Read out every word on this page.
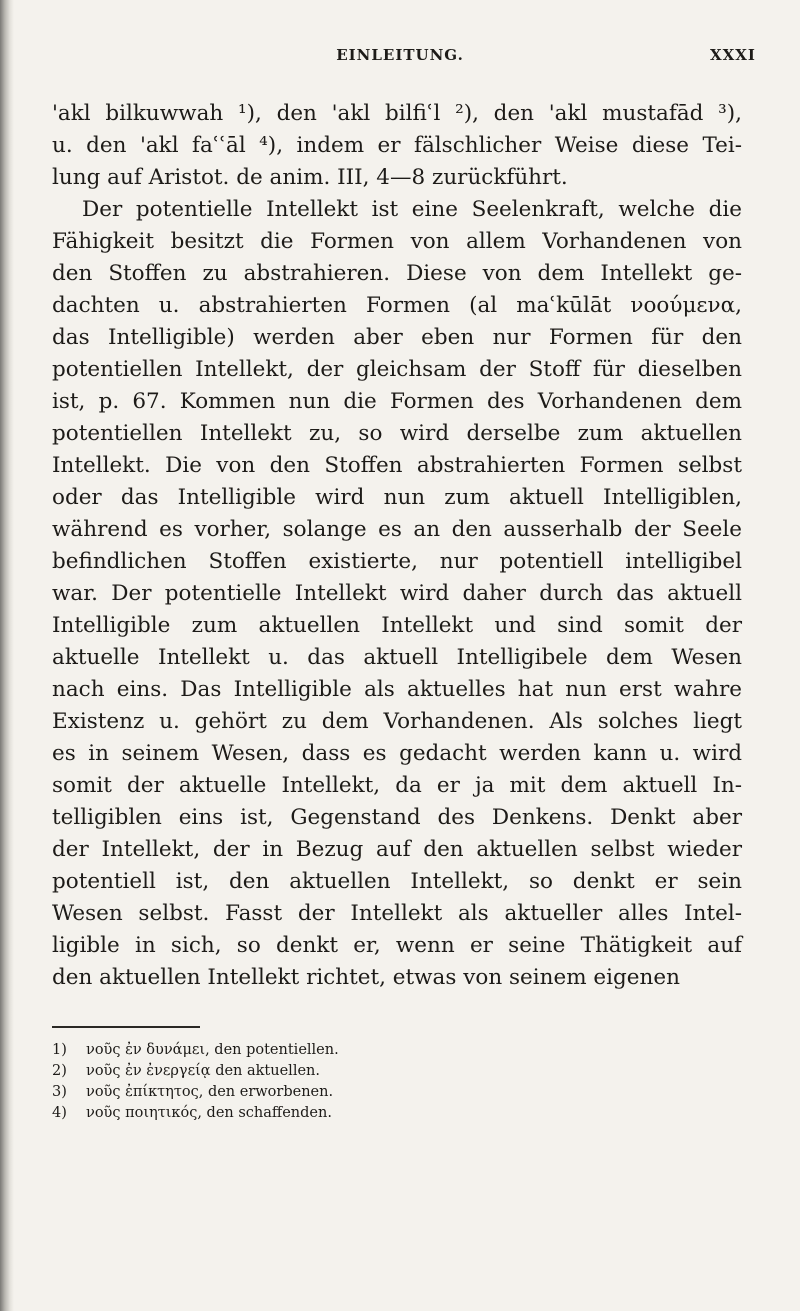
EINLEITUNG.	XXXI
'akl bilkuwwah ¹), den 'akl bilfiʿl ²), den 'akl mustafād ³),
u. den 'akl faʿʿāl ⁴), indem er fälschlicher Weise diese Tei-
lung auf Aristot. de anim. III, 4—8 zurückführt.
Der potentielle Intellekt ist eine Seelenkraft, welche die
Fähigkeit besitzt die Formen von allem Vorhandenen von
den Stoffen zu abstrahieren. Diese von dem Intellekt ge-
dachten u. abstrahierten Formen (al maʿkūlāt νοούμενα,
das Intelligible) werden aber eben nur Formen für den
potentiellen Intellekt, der gleichsam der Stoff für dieselben
ist, p. 67. Kommen nun die Formen des Vorhandenen dem
potentiellen Intellekt zu, so wird derselbe zum aktuellen
Intellekt. Die von den Stoffen abstrahierten Formen selbst
oder das Intelligible wird nun zum aktuell Intelligiblen,
während es vorher, solange es an den ausserhalb der Seele
befindlichen Stoffen existierte, nur potentiell intelligibel
war. Der potentielle Intellekt wird daher durch das aktuell
Intelligible zum aktuellen Intellekt und sind somit der
aktuelle Intellekt u. das aktuell Intelligibele dem Wesen
nach eins. Das Intelligible als aktuelles hat nun erst wahre
Existenz u. gehört zu dem Vorhandenen. Als solches liegt
es in seinem Wesen, dass es gedacht werden kann u. wird
somit der aktuelle Intellekt, da er ja mit dem aktuell In-
telligiblen eins ist, Gegenstand des Denkens. Denkt aber
der Intellekt, der in Bezug auf den aktuellen selbst wieder
potentiell ist, den aktuellen Intellekt, so denkt er sein
Wesen selbst. Fasst der Intellekt als aktueller alles Intel-
ligible in sich, so denkt er, wenn er seine Thätigkeit auf
den aktuellen Intellekt richtet, etwas von seinem eigenen
1) νοῦς ἐν δυνάμει, den potentiellen.
2) νοῦς ἐν ἐνεργείᾳ den aktuellen.
3) νοῦς ἐπίκτητος, den erworbenen.
4) νοῦς ποιητικός, den schaffenden.
